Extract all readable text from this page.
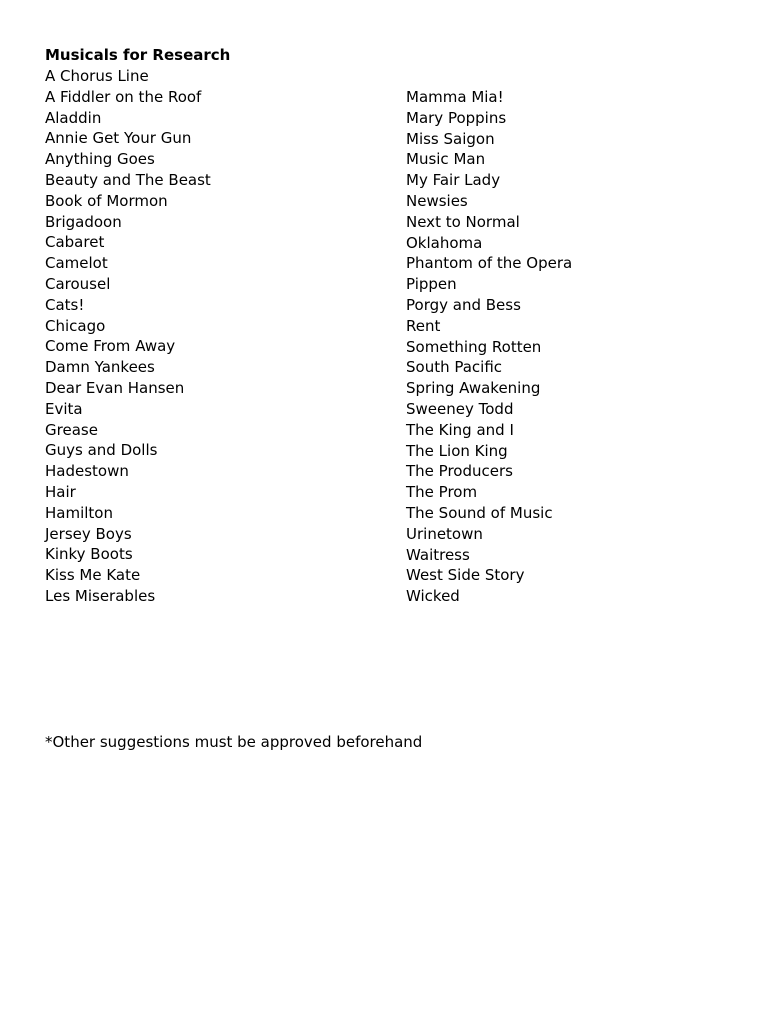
Musicals for Research
A Chorus Line
A Fiddler on the Roof
Aladdin
Annie Get Your Gun
Anything Goes
Beauty and The Beast
Book of Mormon
Brigadoon
Cabaret
Camelot
Carousel
Cats!
Chicago
Come From Away
Damn Yankees
Dear Evan Hansen
Evita
Grease
Guys and Dolls
Hadestown
Hair
Hamilton
Jersey Boys
Kinky Boots
Kiss Me Kate
Les Miserables
Mamma Mia!
Mary Poppins
Miss Saigon
Music Man
My Fair Lady
Newsies
Next to Normal
Oklahoma
Phantom of the Opera
Pippen
Porgy and Bess
Rent
Something Rotten
South Pacific
Spring Awakening
Sweeney Todd
The King and I
The Lion King
The Producers
The Prom
The Sound of Music
Urinetown
Waitress
West Side Story
Wicked
*Other suggestions must be approved beforehand
